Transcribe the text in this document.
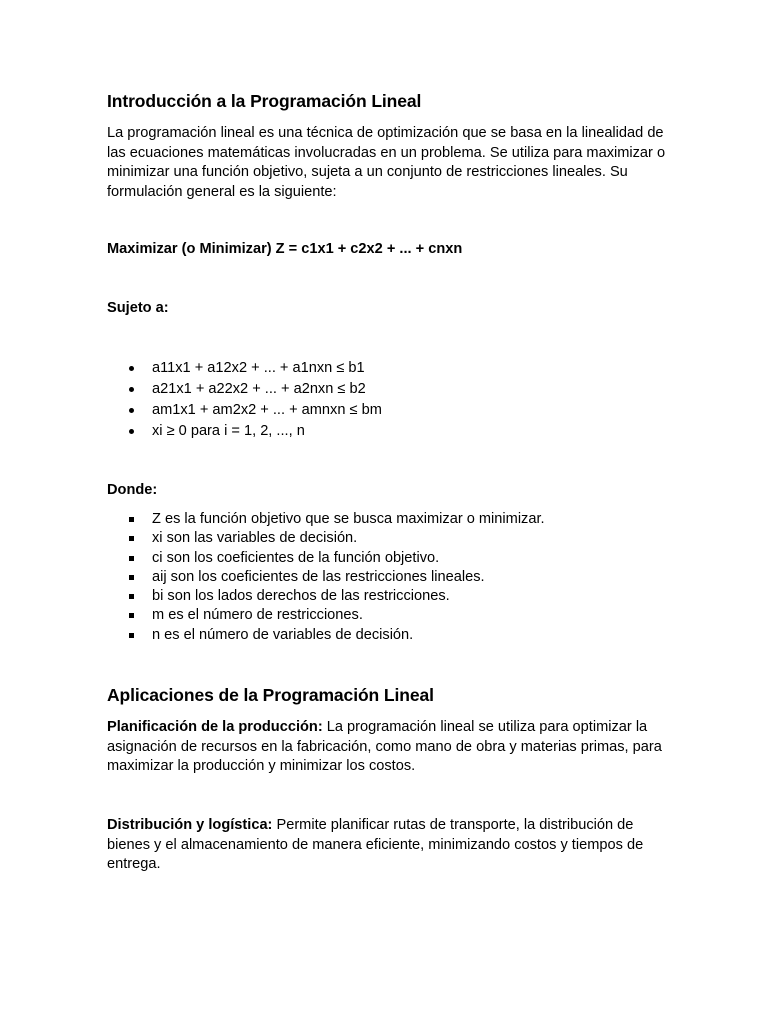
Introducción a la Programación Lineal

La programación lineal es una técnica de optimización que se basa en la linealidad de las ecuaciones matemáticas involucradas en un problema. Se utiliza para maximizar o minimizar una función objetivo, sujeta a un conjunto de restricciones lineales. Su formulación general es la siguiente:

Maximizar (o Minimizar) Z = c1x1 + c2x2 + ... + cnxn

Sujeto a:

a11x1 + a12x2 + ... + a1nxn ≤ b1
a21x1 + a22x2 + ... + a2nxn ≤ b2
am1x1 + am2x2 + ... + amnxn ≤ bm
xi ≥ 0 para i = 1, 2, ..., n

Donde:

Z es la función objetivo que se busca maximizar o minimizar.
xi son las variables de decisión.
ci son los coeficientes de la función objetivo.
aij son los coeficientes de las restricciones lineales.
bi son los lados derechos de las restricciones.
m es el número de restricciones.
n es el número de variables de decisión.
Aplicaciones de la Programación Lineal

Planificación de la producción: La programación lineal se utiliza para optimizar la asignación de recursos en la fabricación, como mano de obra y materias primas, para maximizar la producción y minimizar los costos.

Distribución y logística: Permite planificar rutas de transporte, la distribución de bienes y el almacenamiento de manera eficiente, minimizando costos y tiempos de entrega.
